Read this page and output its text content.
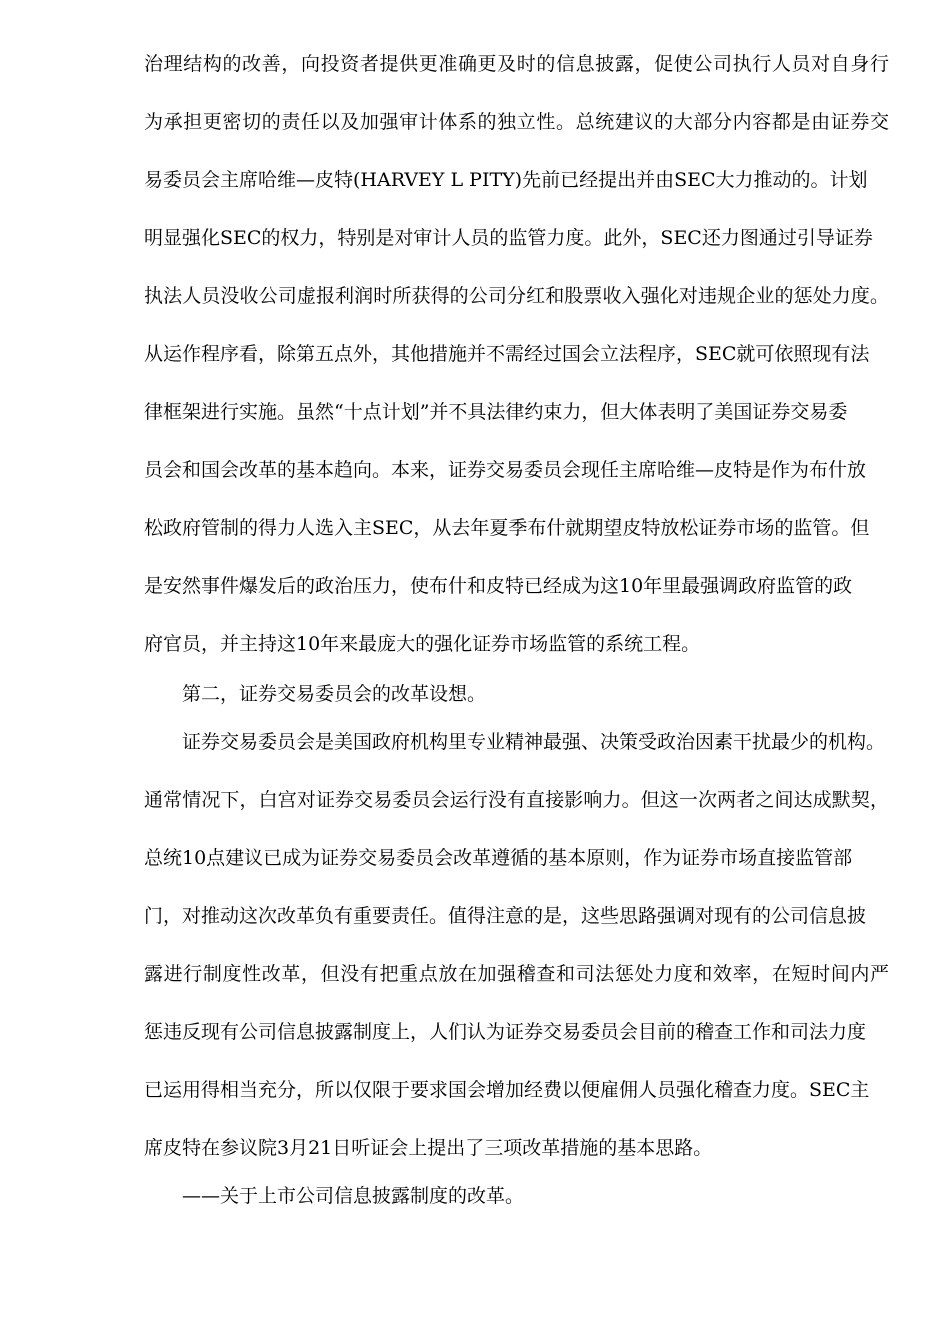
治理结构的改善，向投资者提供更准确更及时的信息披露，促使公司执行人员对自身行
为承担更密切的责任以及加强审计体系的独立性。总统建议的大部分内容都是由证券交
易委员会主席哈维—皮特(HARVEY L PITY)先前已经提出并由SEC大力推动的。计划
明显强化SEC的权力，特别是对审计人员的监管力度。此外，SEC还力图通过引导证券
执法人员没收公司虚报利润时所获得的公司分红和股票收入强化对违规企业的惩处力度。
从运作程序看，除第五点外，其他措施并不需经过国会立法程序，SEC就可依照现有法
律框架进行实施。虽然“十点计划”并不具法律约束力，但大体表明了美国证券交易委
员会和国会改革的基本趋向。本来，证券交易委员会现任主席哈维—皮特是作为布什放
松政府管制的得力人选入主SEC，从去年夏季布什就期望皮特放松证券市场的监管。但
是安然事件爆发后的政治压力，使布什和皮特已经成为这10年里最强调政府监管的政
府官员，并主持这10年来最庞大的强化证券市场监管的系统工程。
第二，证券交易委员会的改革设想。
证券交易委员会是美国政府机构里专业精神最强、决策受政治因素干扰最少的机构。
通常情况下，白宫对证券交易委员会运行没有直接影响力。但这一次两者之间达成默契，
总统10点建议已成为证券交易委员会改革遵循的基本原则，作为证券市场直接监管部
门，对推动这次改革负有重要责任。值得注意的是，这些思路强调对现有的公司信息披
露进行制度性改革，但没有把重点放在加强稽查和司法惩处力度和效率，在短时间内严
惩违反现有公司信息披露制度上，人们认为证券交易委员会目前的稽查工作和司法力度
已运用得相当充分，所以仅限于要求国会增加经费以便雇佣人员强化稽查力度。SEC主
席皮特在参议院3月21日听证会上提出了三项改革措施的基本思路。
——关于上市公司信息披露制度的改革。
